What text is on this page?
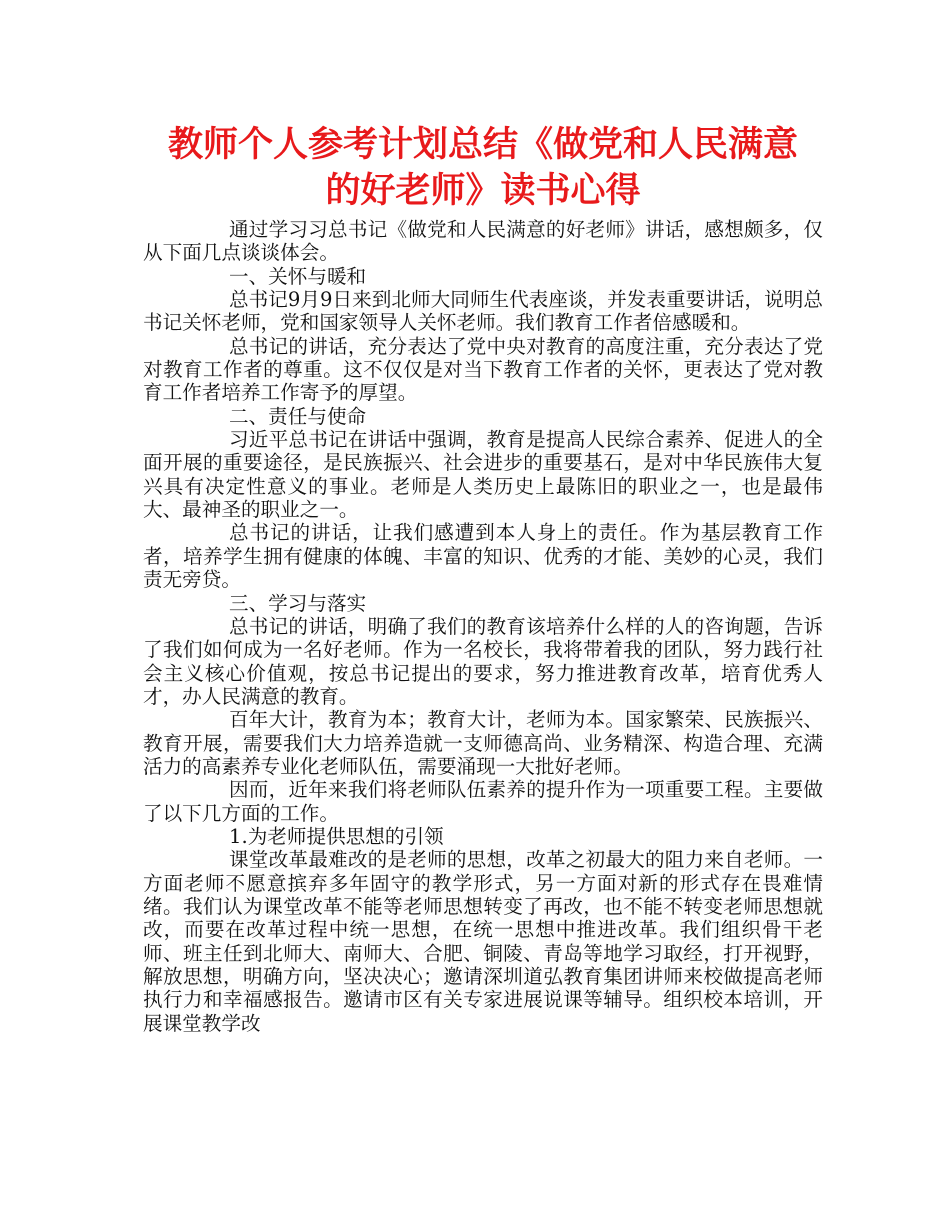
教师个人参考计划总结《做党和人民满意
的好老师》读书心得

通过学习习总书记《做党和人民满意的好老师》讲话，感想颇多，仅从下面几点谈谈体会。

一、关怀与暖和

总书记9月9日来到北师大同师生代表座谈，并发表重要讲话，说明总书记关怀老师，党和国家领导人关怀老师。我们教育工作者倍感暖和。

总书记的讲话，充分表达了党中央对教育的高度注重，充分表达了党对教育工作者的尊重。这不仅仅是对当下教育工作者的关怀，更表达了党对教育工作者培养工作寄予的厚望。

二、责任与使命

习近平总书记在讲话中强调，教育是提高人民综合素养、促进人的全面开展的重要途径，是民族振兴、社会进步的重要基石，是对中华民族伟大复兴具有决定性意义的事业。老师是人类历史上最陈旧的职业之一，也是最伟大、最神圣的职业之一。

总书记的讲话，让我们感遭到本人身上的责任。作为基层教育工作者，培养学生拥有健康的体魄、丰富的知识、优秀的才能、美妙的心灵，我们责无旁贷。

三、学习与落实

总书记的讲话，明确了我们的教育该培养什么样的人的咨询题，告诉了我们如何成为一名好老师。作为一名校长，我将带着我的团队，努力践行社会主义核心价值观，按总书记提出的要求，努力推进教育改革，培育优秀人才，办人民满意的教育。

百年大计，教育为本；教育大计，老师为本。国家繁荣、民族振兴、教育开展，需要我们大力培养造就一支师德高尚、业务精深、构造合理、充满活力的高素养专业化老师队伍，需要涌现一大批好老师。

因而，近年来我们将老师队伍素养的提升作为一项重要工程。主要做了以下几方面的工作。

1.为老师提供思想的引领

课堂改革最难改的是老师的思想，改革之初最大的阻力来自老师。一方面老师不愿意摈弃多年固守的教学形式，另一方面对新的形式存在畏难情绪。我们认为课堂改革不能等老师思想转变了再改，也不能不转变老师思想就改，而要在改革过程中统一思想，在统一思想中推进改革。我们组织骨干老师、班主任到北师大、南师大、合肥、铜陵、青岛等地学习取经，打开视野，解放思想，明确方向，坚决决心；邀请深圳道弘教育集团讲师来校做提高老师执行力和幸福感报告。邀请市区有关专家进展说课等辅导。组织校本培训，开展课堂教学改
